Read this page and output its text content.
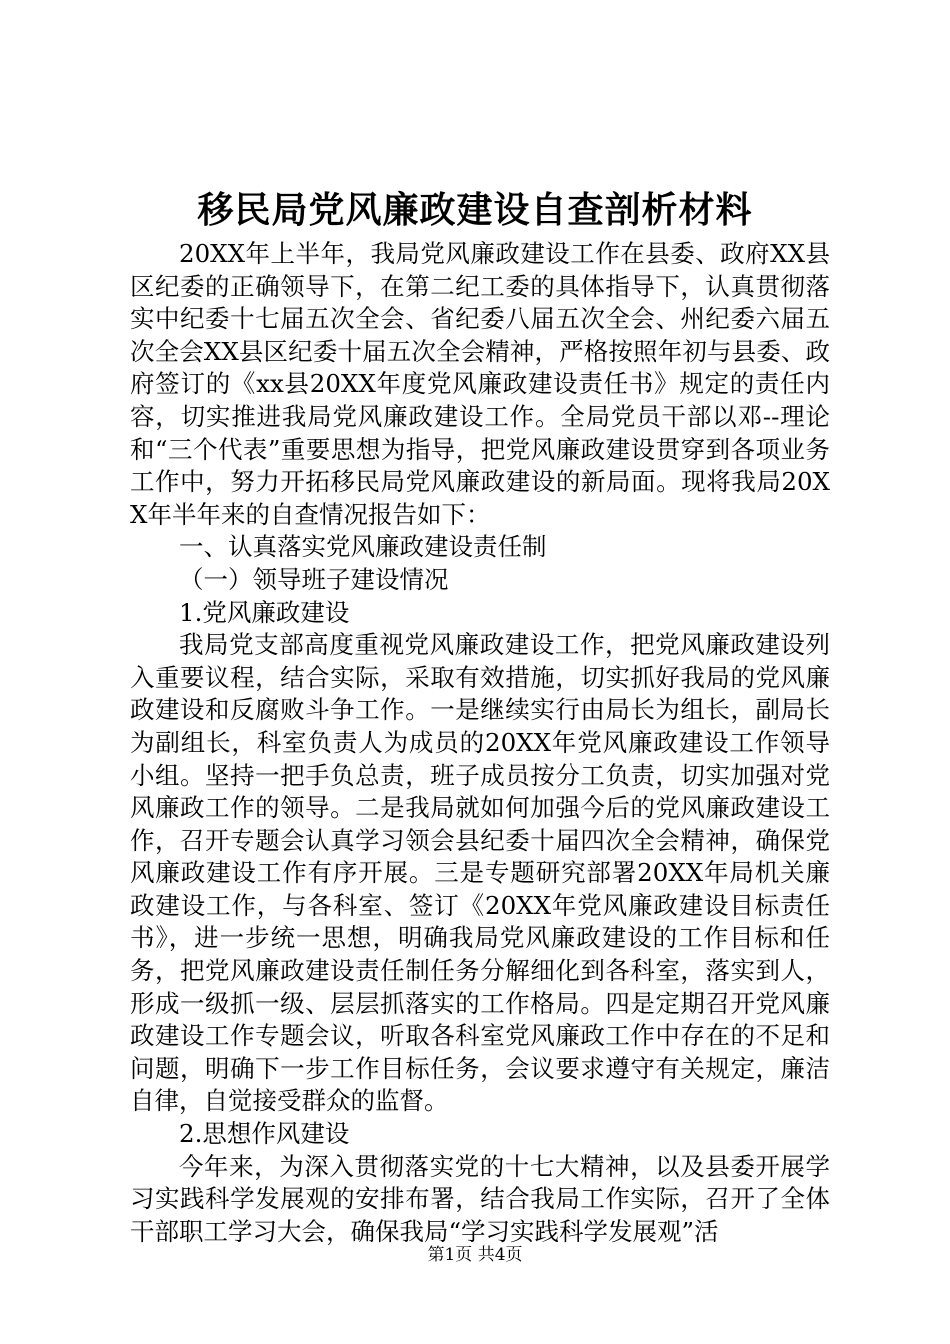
移民局党风廉政建设自查剖析材料

20XX年上半年，我局党风廉政建设工作在县委、政府XX县区纪委的正确领导下，在第二纪工委的具体指导下，认真贯彻落实中纪委十七届五次全会、省纪委八届五次全会、州纪委六届五次全会XX县区纪委十届五次全会精神，严格按照年初与县委、政府签订的《xx县20XX年度党风廉政建设责任书》规定的责任内容，切实推进我局党风廉政建设工作。全局党员干部以邓--理论和“三个代表”重要思想为指导，把党风廉政建设贯穿到各项业务工作中，努力开拓移民局党风廉政建设的新局面。现将我局20XX年半年来的自查情况报告如下：

一、认真落实党风廉政建设责任制

（一）领导班子建设情况

1.党风廉政建设

我局党支部高度重视党风廉政建设工作，把党风廉政建设列入重要议程，结合实际，采取有效措施，切实抓好我局的党风廉政建设和反腐败斗争工作。一是继续实行由局长为组长，副局长为副组长，科室负责人为成员的20XX年党风廉政建设工作领导小组。坚持一把手负总责，班子成员按分工负责，切实加强对党风廉政工作的领导。二是我局就如何加强今后的党风廉政建设工作，召开专题会认真学习领会县纪委十届四次全会精神，确保党风廉政建设工作有序开展。三是专题研究部署20XX年局机关廉政建设工作，与各科室、签订《20XX年党风廉政建设目标责任书》，进一步统一思想，明确我局党风廉政建设的工作目标和任务，把党风廉政建设责任制任务分解细化到各科室，落实到人，形成一级抓一级、层层抓落实的工作格局。四是定期召开党风廉政建设工作专题会议，听取各科室党风廉政工作中存在的不足和问题，明确下一步工作目标任务，会议要求遵守有关规定，廉洁自律，自觉接受群众的监督。

2.思想作风建设

今年来，为深入贯彻落实党的十七大精神，以及县委开展学习实践科学发展观的安排布署，结合我局工作实际，召开了全体干部职工学习大会，确保我局“学习实践科学发展观”活

第1页 共4页
